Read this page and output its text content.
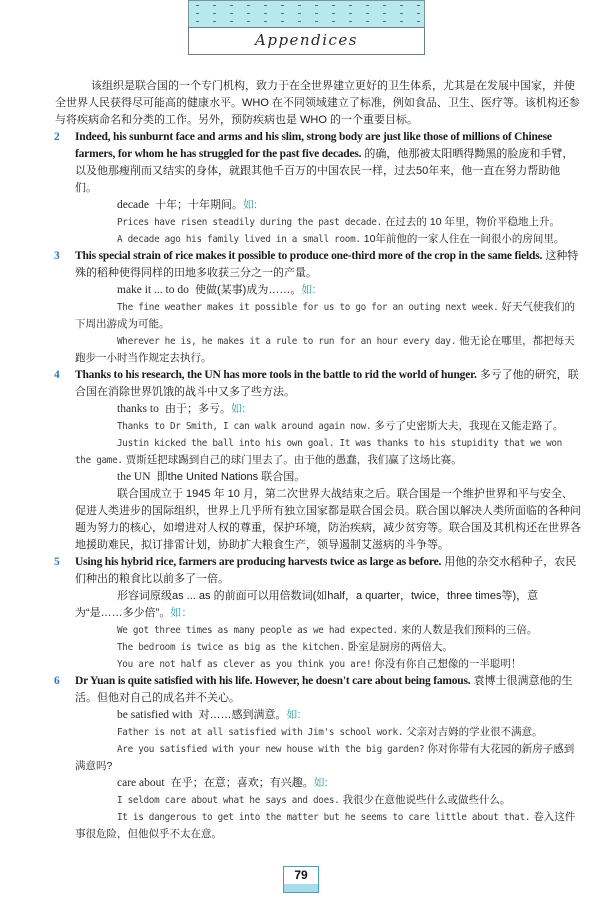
Appendices

该组织是联合国的一个专门机构，致力于在全世界建立更好的卫生体系，尤其是在发展中国家，并使全世界人民获得尽可能高的健康水平。WHO 在不同领域建立了标准，例如食品、卫生、医疗等。该机构还参与将疾病命名和分类的工作。另外，预防疾病也是 WHO 的一个重要目标。

2 Indeed, his sunburnt face and arms and his slim, strong body are just like those of millions of Chinese farmers, for whom he has struggled for the past five decades. 的确，他那被太阳晒得黝黑的脸庞和手臂，以及他那瘦削而又结实的身体，就跟其他千百万的中国农民一样，过去50年来，他一直在努力帮助他们。

decade 十年；十年期间。如:

Prices have risen steadily during the past decade. 在过去的 10 年里，物价平稳地上升。

A decade ago his family lived in a small room. 10年前他的一家人住在一间很小的房间里。

3 This special strain of rice makes it possible to produce one-third more of the crop in the same fields. 这种特殊的稻种使得同样的田地多收获三分之一的产量。

make it ... to do 使做(某事)成为……。如:

The fine weather makes it possible for us to go for an outing next week. 好天气使我们的下周出游成为可能。

Wherever he is, he makes it a rule to run for an hour every day. 他无论在哪里，都把每天跑步一小时当作规定去执行。

4 Thanks to his research, the UN has more tools in the battle to rid the world of hunger. 多亏了他的研究，联合国在消除世界饥饿的战斗中又多了些方法。

thanks to 由于；多亏。如:

Thanks to Dr Smith, I can walk around again now. 多亏了史密斯大夫，我现在又能走路了。

Justin kicked the ball into his own goal. It was thanks to his stupidity that we won the game. 贾斯廷把球踢到自己的球门里去了。由于他的愚蠢，我们赢了这场比赛。

the UN 即the United Nations 联合国。

联合国成立于 1945 年 10 月，第二次世界大战结束之后。联合国是一个维护世界和平与安全、促进人类进步的国际组织，世界上几乎所有独立国家都是联合国会员。联合国以解决人类所面临的各种问题为努力的核心，如增进对人权的尊重，保护环境，防治疾病，减少贫穷等。联合国及其机构还在世界各地援助难民，拟订排雷计划，协助扩大粮食生产，领导遏制艾滋病的斗争等。

5 Using his hybrid rice, farmers are producing harvests twice as large as before. 用他的杂交水稻种子，农民们种出的粮食比以前多了一倍。

形容词原级as ... as 的前面可以用倍数词(如half，a quarter，twice，three times等)，意为“是……多少倍”。如：

We got three times as many people as we had expected. 来的人数是我们预料的三倍。

The bedroom is twice as big as the kitchen. 卧室是厨房的两倍大。

You are not half as clever as you think you are! 你没有你自己想像的一半聪明！

6 Dr Yuan is quite satisfied with his life. However, he doesn't care about being famous. 袁博士很满意他的生活。但他对自己的成名并不关心。

be satisfied with 对……感到满意。如:

Father is not at all satisfied with Jim's school work. 父亲对吉姆的学业很不满意。

Are you satisfied with your new house with the big garden? 你对你带有大花园的新房子感到满意吗?

care about 在乎；在意；喜欢；有兴趣。如:

I seldom care about what he says and does. 我很少在意他说些什么或做些什么。

It is dangerous to get into the matter but he seems to care little about that. 卷入这件事很危险，但他似乎不太在意。

79
